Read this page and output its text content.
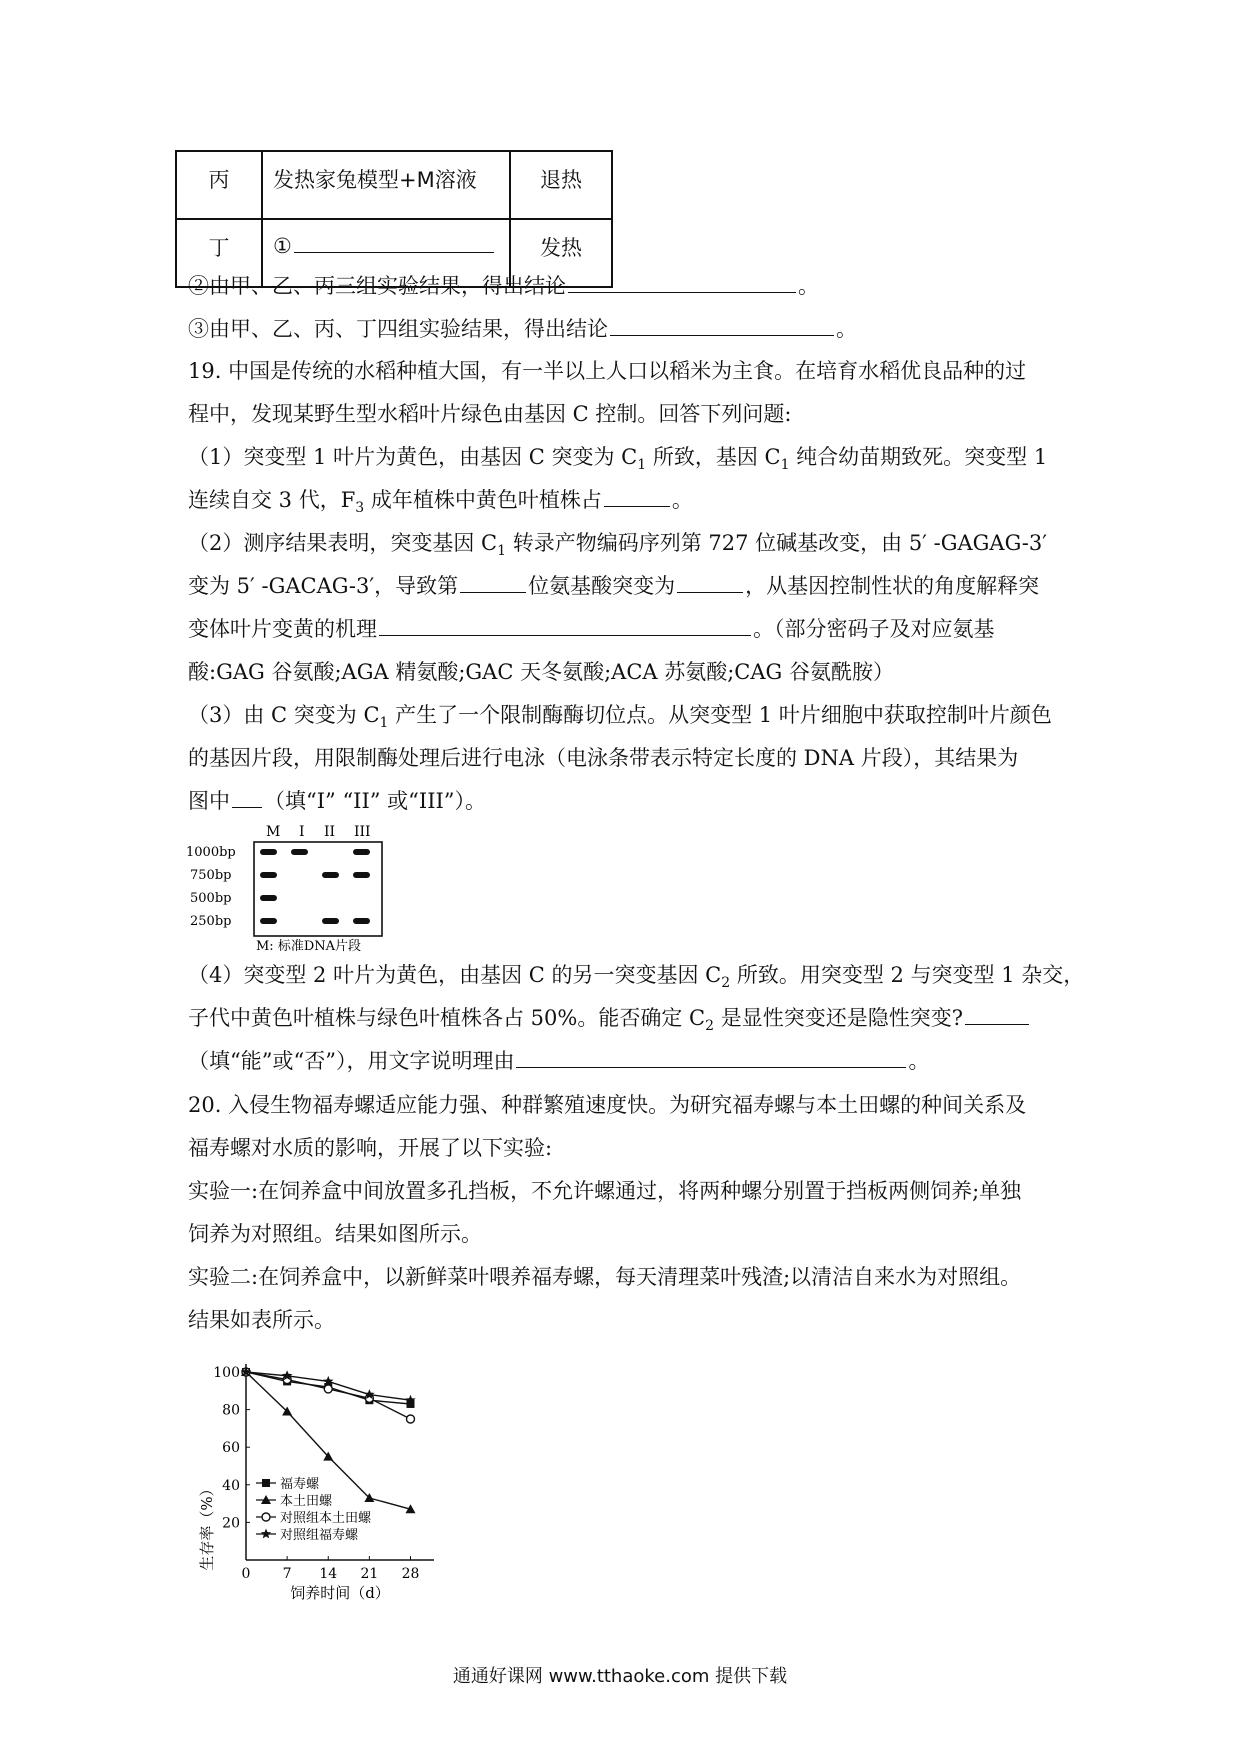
丙	发热家兔模型+M溶液	退热
丁	①	发热
②由甲、乙、丙三组实验结果，得出结论	。
③由甲、乙、丙、丁四组实验结果，得出结论	。
19. 中国是传统的水稻种植大国，有一半以上人口以稻米为主食。在培育水稻优良品种的过
程中，发现某野生型水稻叶片绿色由基因 C 控制。回答下列问题:
（1）突变型 1 叶片为黄色，由基因 C 突变为 $C_1$ 所致，基因 $C_1$ 纯合幼苗期致死。突变型 1
连续自交 3 代，$F_3$ 成年植株中黄色叶植株占	。
（2）测序结果表明，突变基因 $C_1$ 转录产物编码序列第 727 位碱基改变，由 5′ -GAGAG-3′
变为 5′ -GACAG-3′，导致第	位氨基酸突变为	，从基因控制性状的角度解释突
变体叶片变黄的机理	。（部分密码子及对应氨基
酸:GAG 谷氨酸;AGA 精氨酸;GAC 天冬氨酸;ACA 苏氨酸;CAG 谷氨酰胺）
（3）由 C 突变为 $C_1$ 产生了一个限制酶酶切位点。从突变型 1 叶片细胞中获取控制叶片颜色
的基因片段，用限制酶处理后进行电泳（电泳条带表示特定长度的 DNA 片段），其结果为
图中 （填“I” “II” 或“III”）。
M I II III
1000bp
750bp
500bp
250bp
M: 标准DNA片段
（4）突变型 2 叶片为黄色，由基因 C 的另一突变基因 $C_2$ 所致。用突变型 2 与突变型 1 杂交，
子代中黄色叶植株与绿色叶植株各占 50%。能否确定 $C_2$ 是显性突变还是隐性突变?
（填“能”或“否”），用文字说明理由	。
20. 入侵生物福寿螺适应能力强、种群繁殖速度快。为研究福寿螺与本土田螺的种间关系及
福寿螺对水质的影响，开展了以下实验:
实验一:在饲养盒中间放置多孔挡板，不允许螺通过，将两种螺分别置于挡板两侧饲养;单独
饲养为对照组。结果如图所示。
实验二:在饲养盒中，以新鲜菜叶喂养福寿螺，每天清理菜叶残渣;以清洁自来水为对照组。
结果如表所示。
0 7 14 21 28
20
40
60
80
100
饲养时间（d）
生存率（%）	福寿螺
本土田螺
对照组本土田螺
对照组福寿螺
通通好课网 www.tthaoke.com 提供下载
